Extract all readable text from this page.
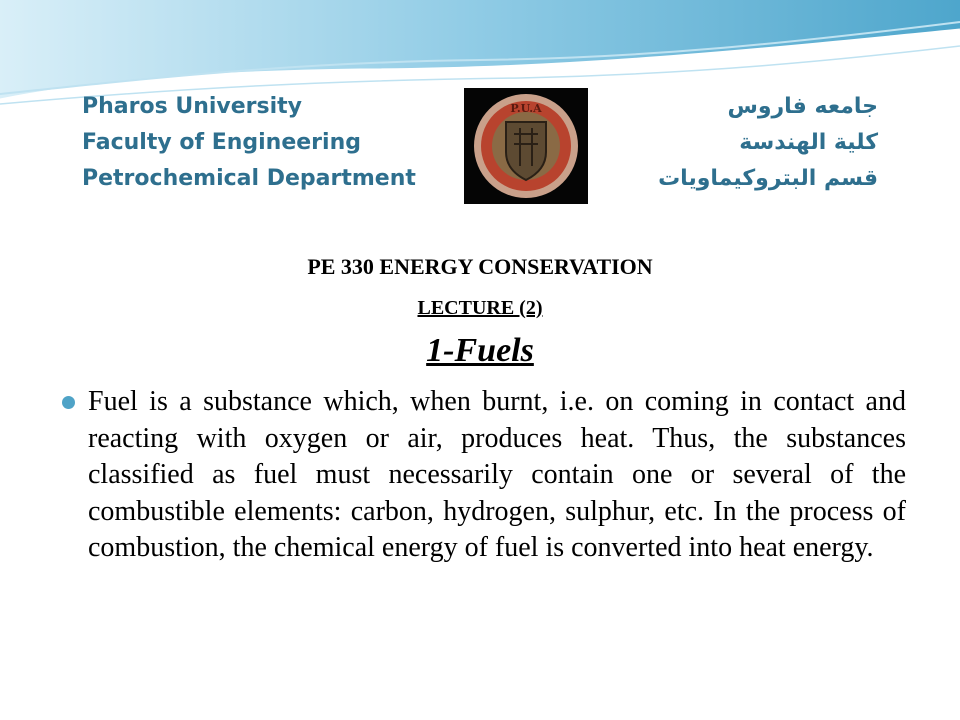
Pharos University
Faculty of Engineering
Petrochemical Department
جامعه فاروس
كلية الهندسة
قسم البتروكيماويات
P.U.A
PE 330 ENERGY CONSERVATION
LECTURE (2)
1-Fuels
Fuel is a substance which, when burnt, i.e. on coming in contact and reacting with oxygen or air, produces heat. Thus, the substances classified as fuel must necessarily contain one or several of the combustible elements: carbon, hydrogen, sulphur, etc. In the process of combustion, the chemical energy of fuel is converted into heat energy.
